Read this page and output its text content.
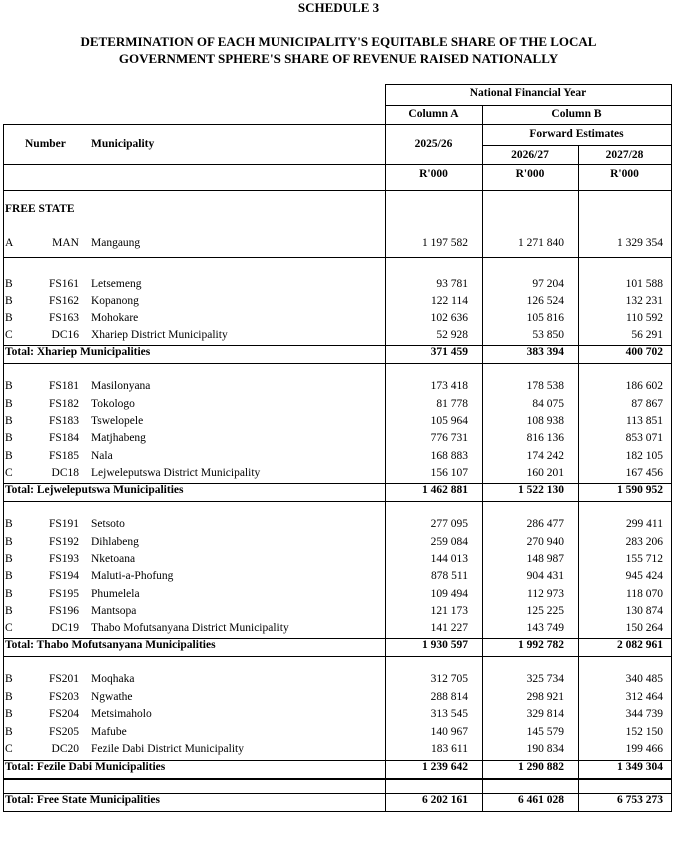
SCHEDULE 3
DETERMINATION OF EACH MUNICIPALITY'S EQUITABLE SHARE OF THE LOCAL
GOVERNMENT SPHERE'S SHARE OF REVENUE RAISED NATIONALLY
National Financial Year
Column A	Column B
Forward Estimates
Number Municipality	2025/26
2026/27	2027/28
R'000	R'000	R'000
FREE STATE
A	MAN Mangaung	1 197 582	1 271 840	1 329 354
B	FS161 Letsemeng	93 781	97 204	101 588
B	FS162 Kopanong	122 114	126 524	132 231
B	FS163 Mohokare	102 636	105 816	110 592
C	DC16 Xhariep District Municipality	52 928	53 850	56 291
Total: Xhariep Municipalities	371 459	383 394	400 702
B	FS181 Masilonyana	173 418	178 538	186 602
B	FS182 Tokologo	81 778	84 075	87 867
B	FS183 Tswelopele	105 964	108 938	113 851
B	FS184 Matjhabeng	776 731	816 136	853 071
B	FS185 Nala	168 883	174 242	182 105
C	DC18 Lejweleputswa District Municipality	156 107	160 201	167 456
Total: Lejweleputswa Municipalities	1 462 881	1 522 130	1 590 952
B	FS191 Setsoto	277 095	286 477	299 411
B	FS192 Dihlabeng	259 084	270 940	283 206
B	FS193 Nketoana	144 013	148 987	155 712
B	FS194 Maluti-a-Phofung	878 511	904 431	945 424
B	FS195 Phumelela	109 494	112 973	118 070
B	FS196 Mantsopa	121 173	125 225	130 874
C	DC19 Thabo Mofutsanyana District Municipality	141 227	143 749	150 264
Total: Thabo Mofutsanyana Municipalities	1 930 597	1 992 782	2 082 961
B	FS201 Moqhaka	312 705	325 734	340 485
B	FS203 Ngwathe	288 814	298 921	312 464
B	FS204 Metsimaholo	313 545	329 814	344 739
B	FS205 Mafube	140 967	145 579	152 150
C	DC20 Fezile Dabi District Municipality	183 611	190 834	199 466
Total: Fezile Dabi Municipalities	1 239 642	1 290 882	1 349 304
Total: Free State Municipalities	6 202 161	6 461 028	6 753 273
